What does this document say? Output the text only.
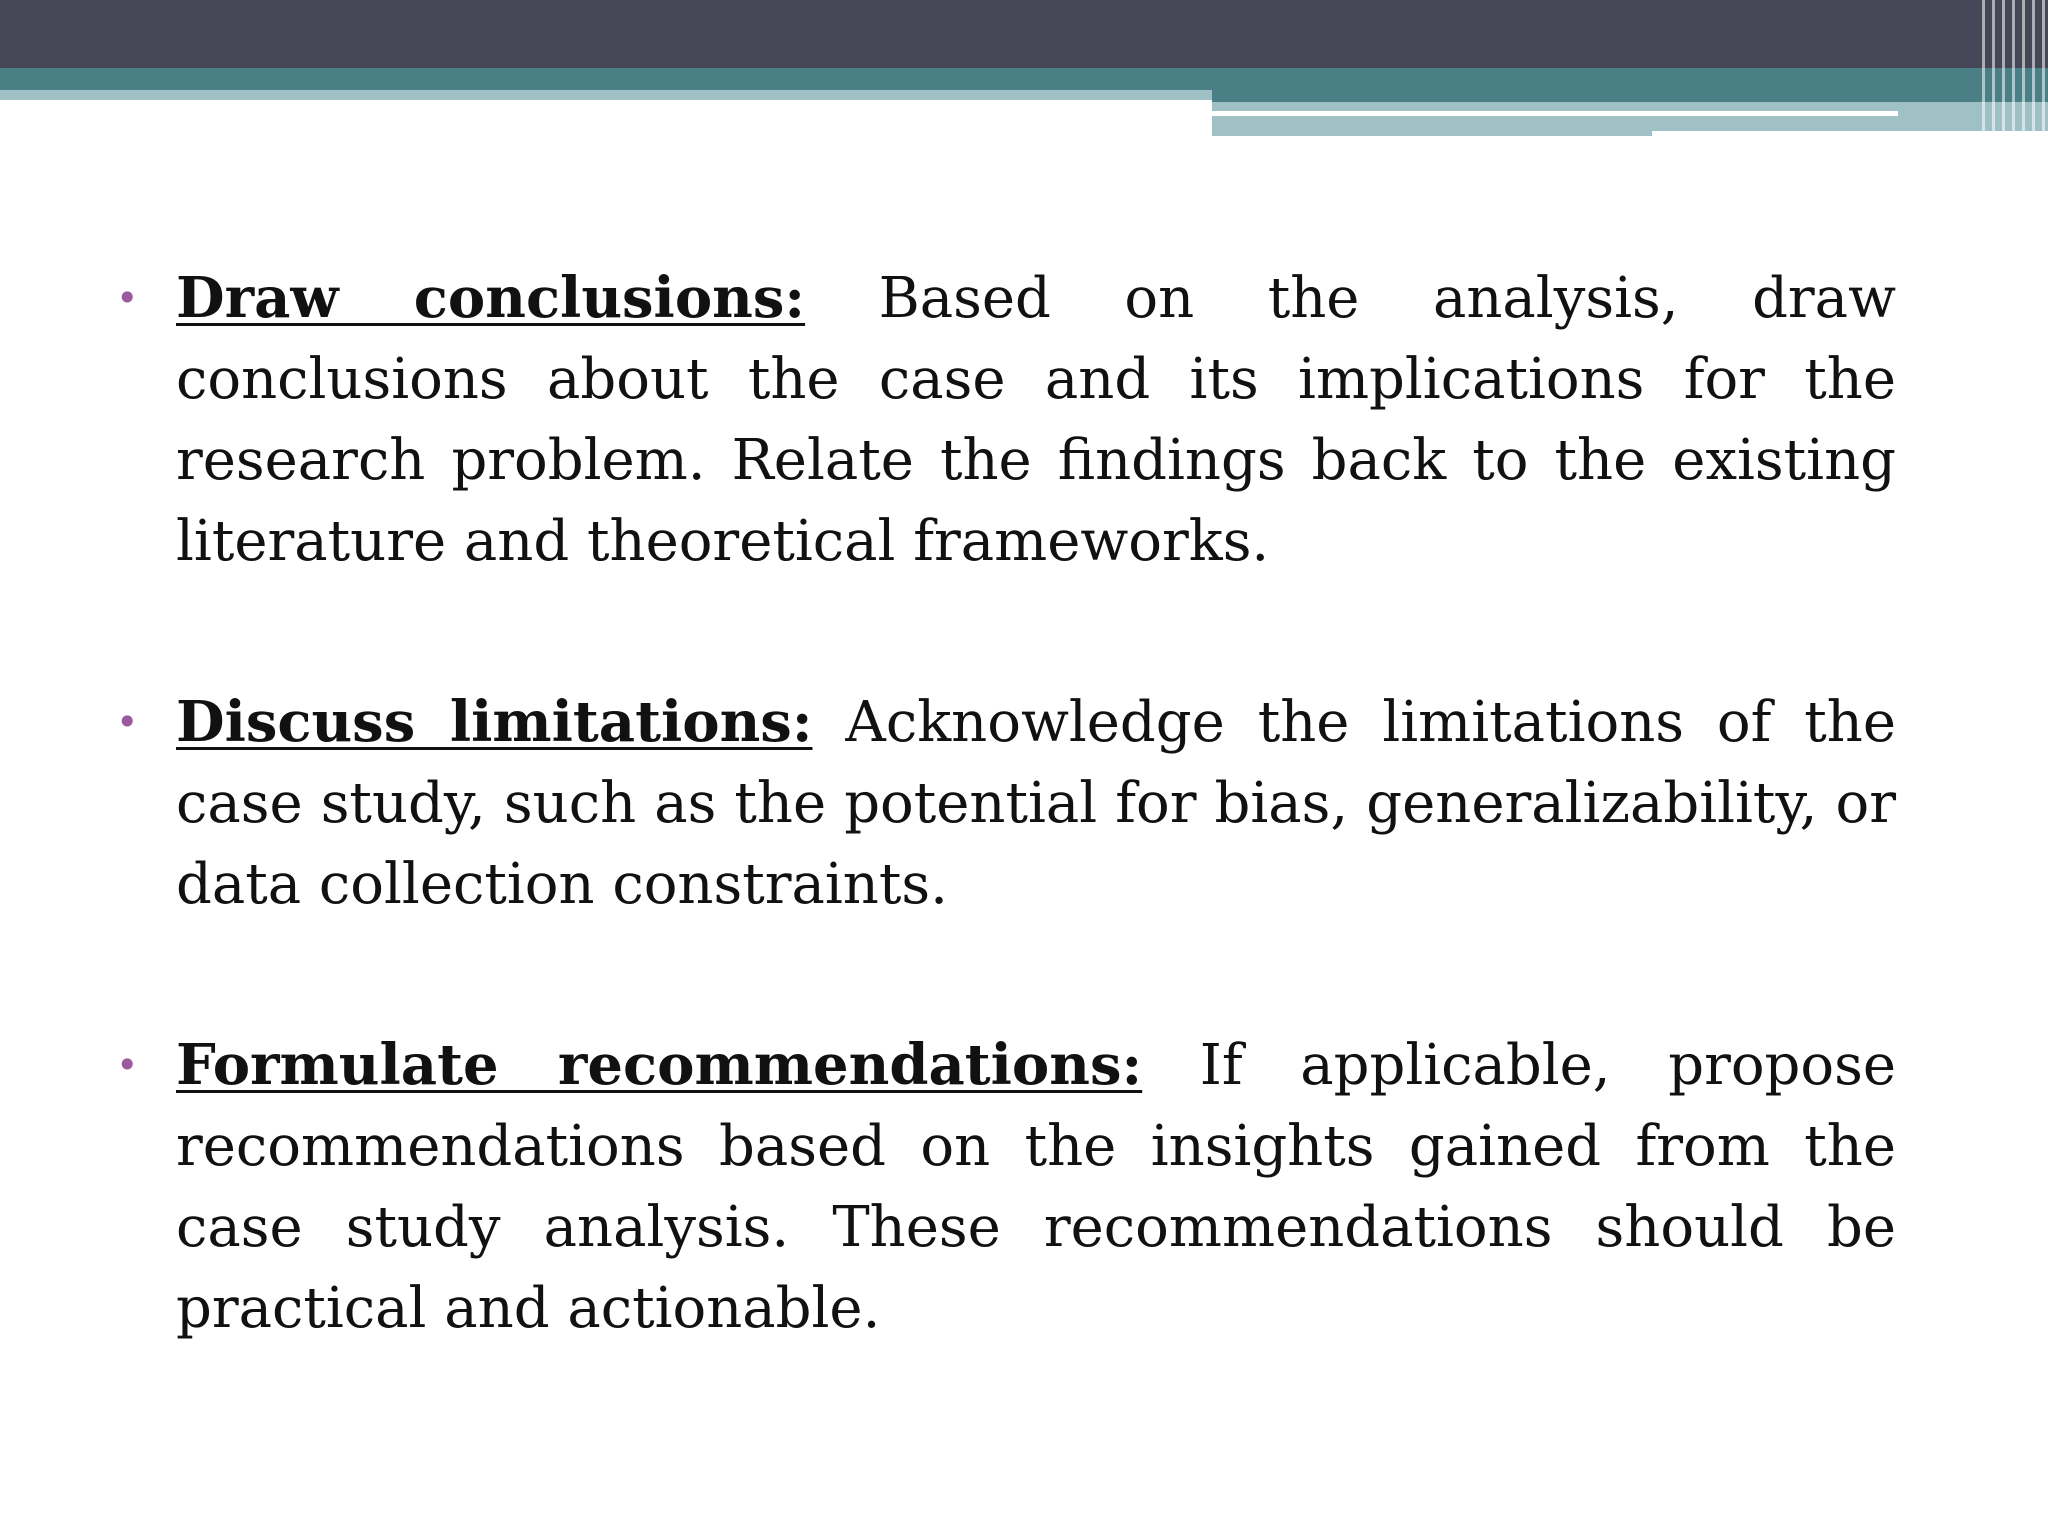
• Draw conclusions: Based on the analysis, draw conclusions about the case and its implications for the research problem. Relate the findings back to the existing literature and theoretical frameworks.
• Discuss limitations: Acknowledge the limitations of the case study, such as the potential for bias, generalizability, or data collection constraints.
• Formulate recommendations: If applicable, propose recommendations based on the insights gained from the case study analysis. These recommendations should be practical and actionable.
